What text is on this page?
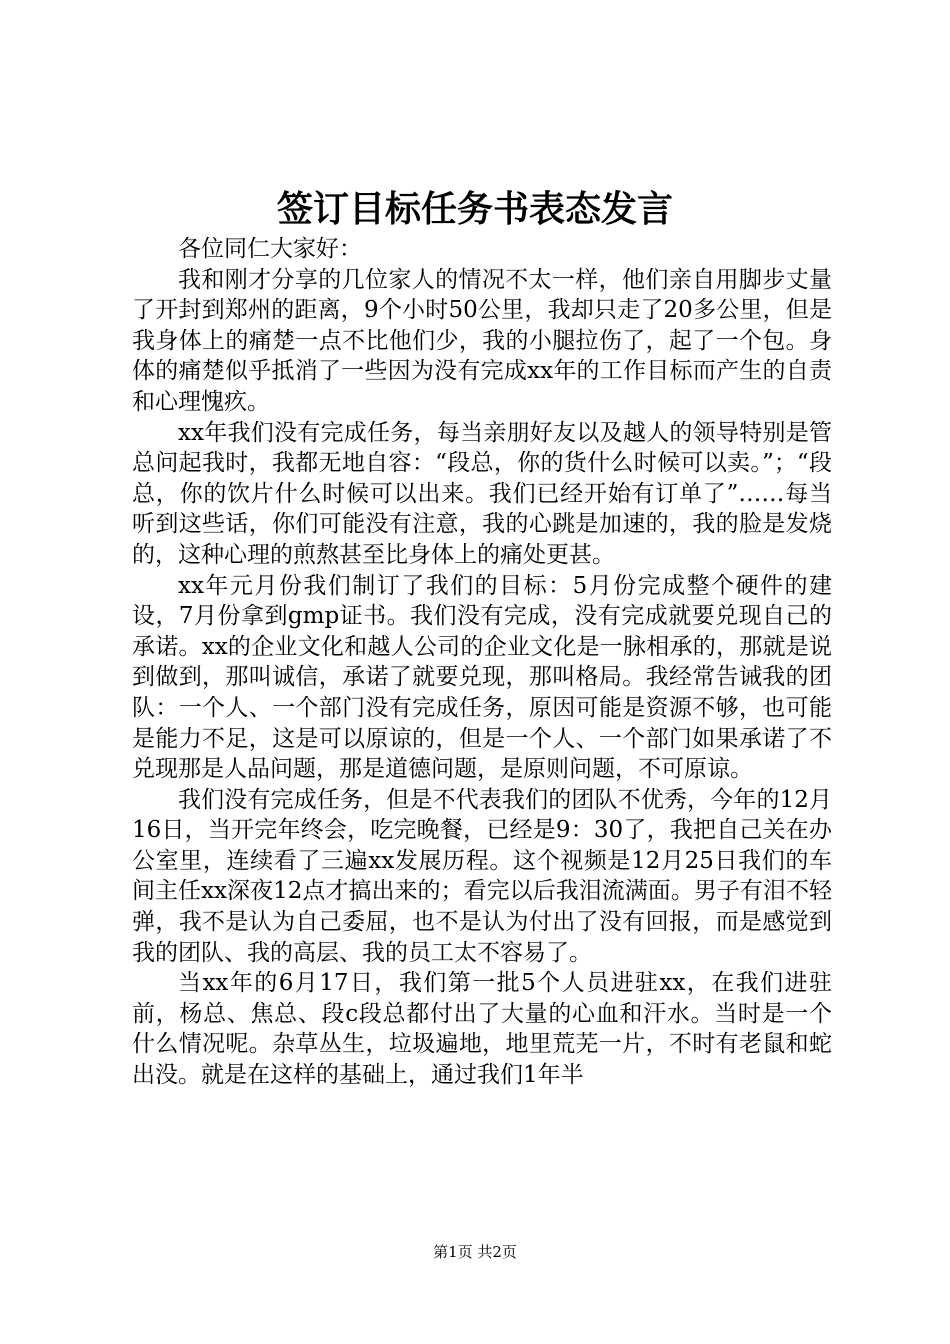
签订目标任务书表态发言

各位同仁大家好：

我和刚才分享的几位家人的情况不太一样，他们亲自用脚步丈量了开封到郑州的距离，9个小时50公里，我却只走了20多公里，但是我身体上的痛楚一点不比他们少，我的小腿拉伤了，起了一个包。身体的痛楚似乎抵消了一些因为没有完成xx年的工作目标而产生的自责和心理愧疚。

xx年我们没有完成任务，每当亲朋好友以及越人的领导特别是管总问起我时，我都无地自容：“段总，你的货什么时候可以卖。”；“段总，你的饮片什么时候可以出来。我们已经开始有订单了”……每当听到这些话，你们可能没有注意，我的心跳是加速的，我的脸是发烧的，这种心理的煎熬甚至比身体上的痛处更甚。

xx年元月份我们制订了我们的目标：5月份完成整个硬件的建设，7月份拿到gmp证书。我们没有完成，没有完成就要兑现自己的承诺。xx的企业文化和越人公司的企业文化是一脉相承的，那就是说到做到，那叫诚信，承诺了就要兑现，那叫格局。我经常告诫我的团队：一个人、一个部门没有完成任务，原因可能是资源不够，也可能是能力不足，这是可以原谅的，但是一个人、一个部门如果承诺了不兑现那是人品问题，那是道德问题，是原则问题，不可原谅。

我们没有完成任务，但是不代表我们的团队不优秀，今年的12月16日，当开完年终会，吃完晚餐，已经是9：30了，我把自己关在办公室里，连续看了三遍xx发展历程。这个视频是12月25日我们的车间主任xx深夜12点才搞出来的；看完以后我泪流满面。男子有泪不轻弹，我不是认为自己委屈，也不是认为付出了没有回报，而是感觉到我的团队、我的高层、我的员工太不容易了。

当xx年的6月17日，我们第一批5个人员进驻xx，在我们进驻前，杨总、焦总、段c段总都付出了大量的心血和汗水。当时是一个什么情况呢。杂草丛生，垃圾遍地，地里荒芜一片，不时有老鼠和蛇出没。就是在这样的基础上，通过我们1年半

第1页 共2页
